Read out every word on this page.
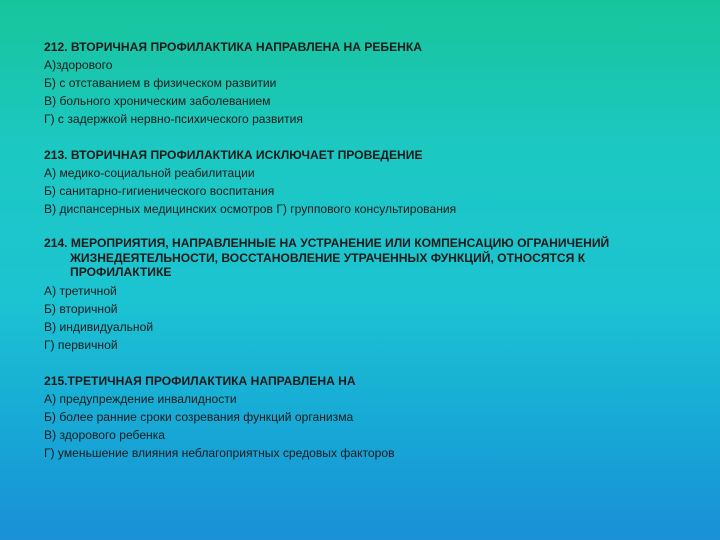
212. ВТОРИЧНАЯ ПРОФИЛАКТИКА НАПРАВЛЕНА НА РЕБЕНКА
А)здорового
Б) с отставанием в физическом развитии
В) больного хроническим заболеванием
Г) с задержкой нервно-психического развития
213. ВТОРИЧНАЯ ПРОФИЛАКТИКА ИСКЛЮЧАЕТ ПРОВЕДЕНИЕ
А) медико-социальной реабилитации
Б) санитарно-гигиенического воспитания
В) диспансерных медицинских осмотров Г) группового консультирования
214. МЕРОПРИЯТИЯ, НАПРАВЛЕННЫЕ НА УСТРАНЕНИЕ ИЛИ КОМПЕНСАЦИЮ ОГРАНИЧЕНИЙ ЖИЗНЕДЕЯТЕЛЬНОСТИ, ВОССТАНОВЛЕНИЕ УТРАЧЕННЫХ ФУНКЦИЙ, ОТНОСЯТСЯ К ПРОФИЛАКТИКЕ
А) третичной
Б) вторичной
В) индивидуальной
Г) первичной
215.ТРЕТИЧНАЯ ПРОФИЛАКТИКА НАПРАВЛЕНА НА
А) предупреждение инвалидности
Б) более ранние сроки созревания функций организма
В) здорового ребенка
Г) уменьшение влияния неблагоприятных средовых факторов
